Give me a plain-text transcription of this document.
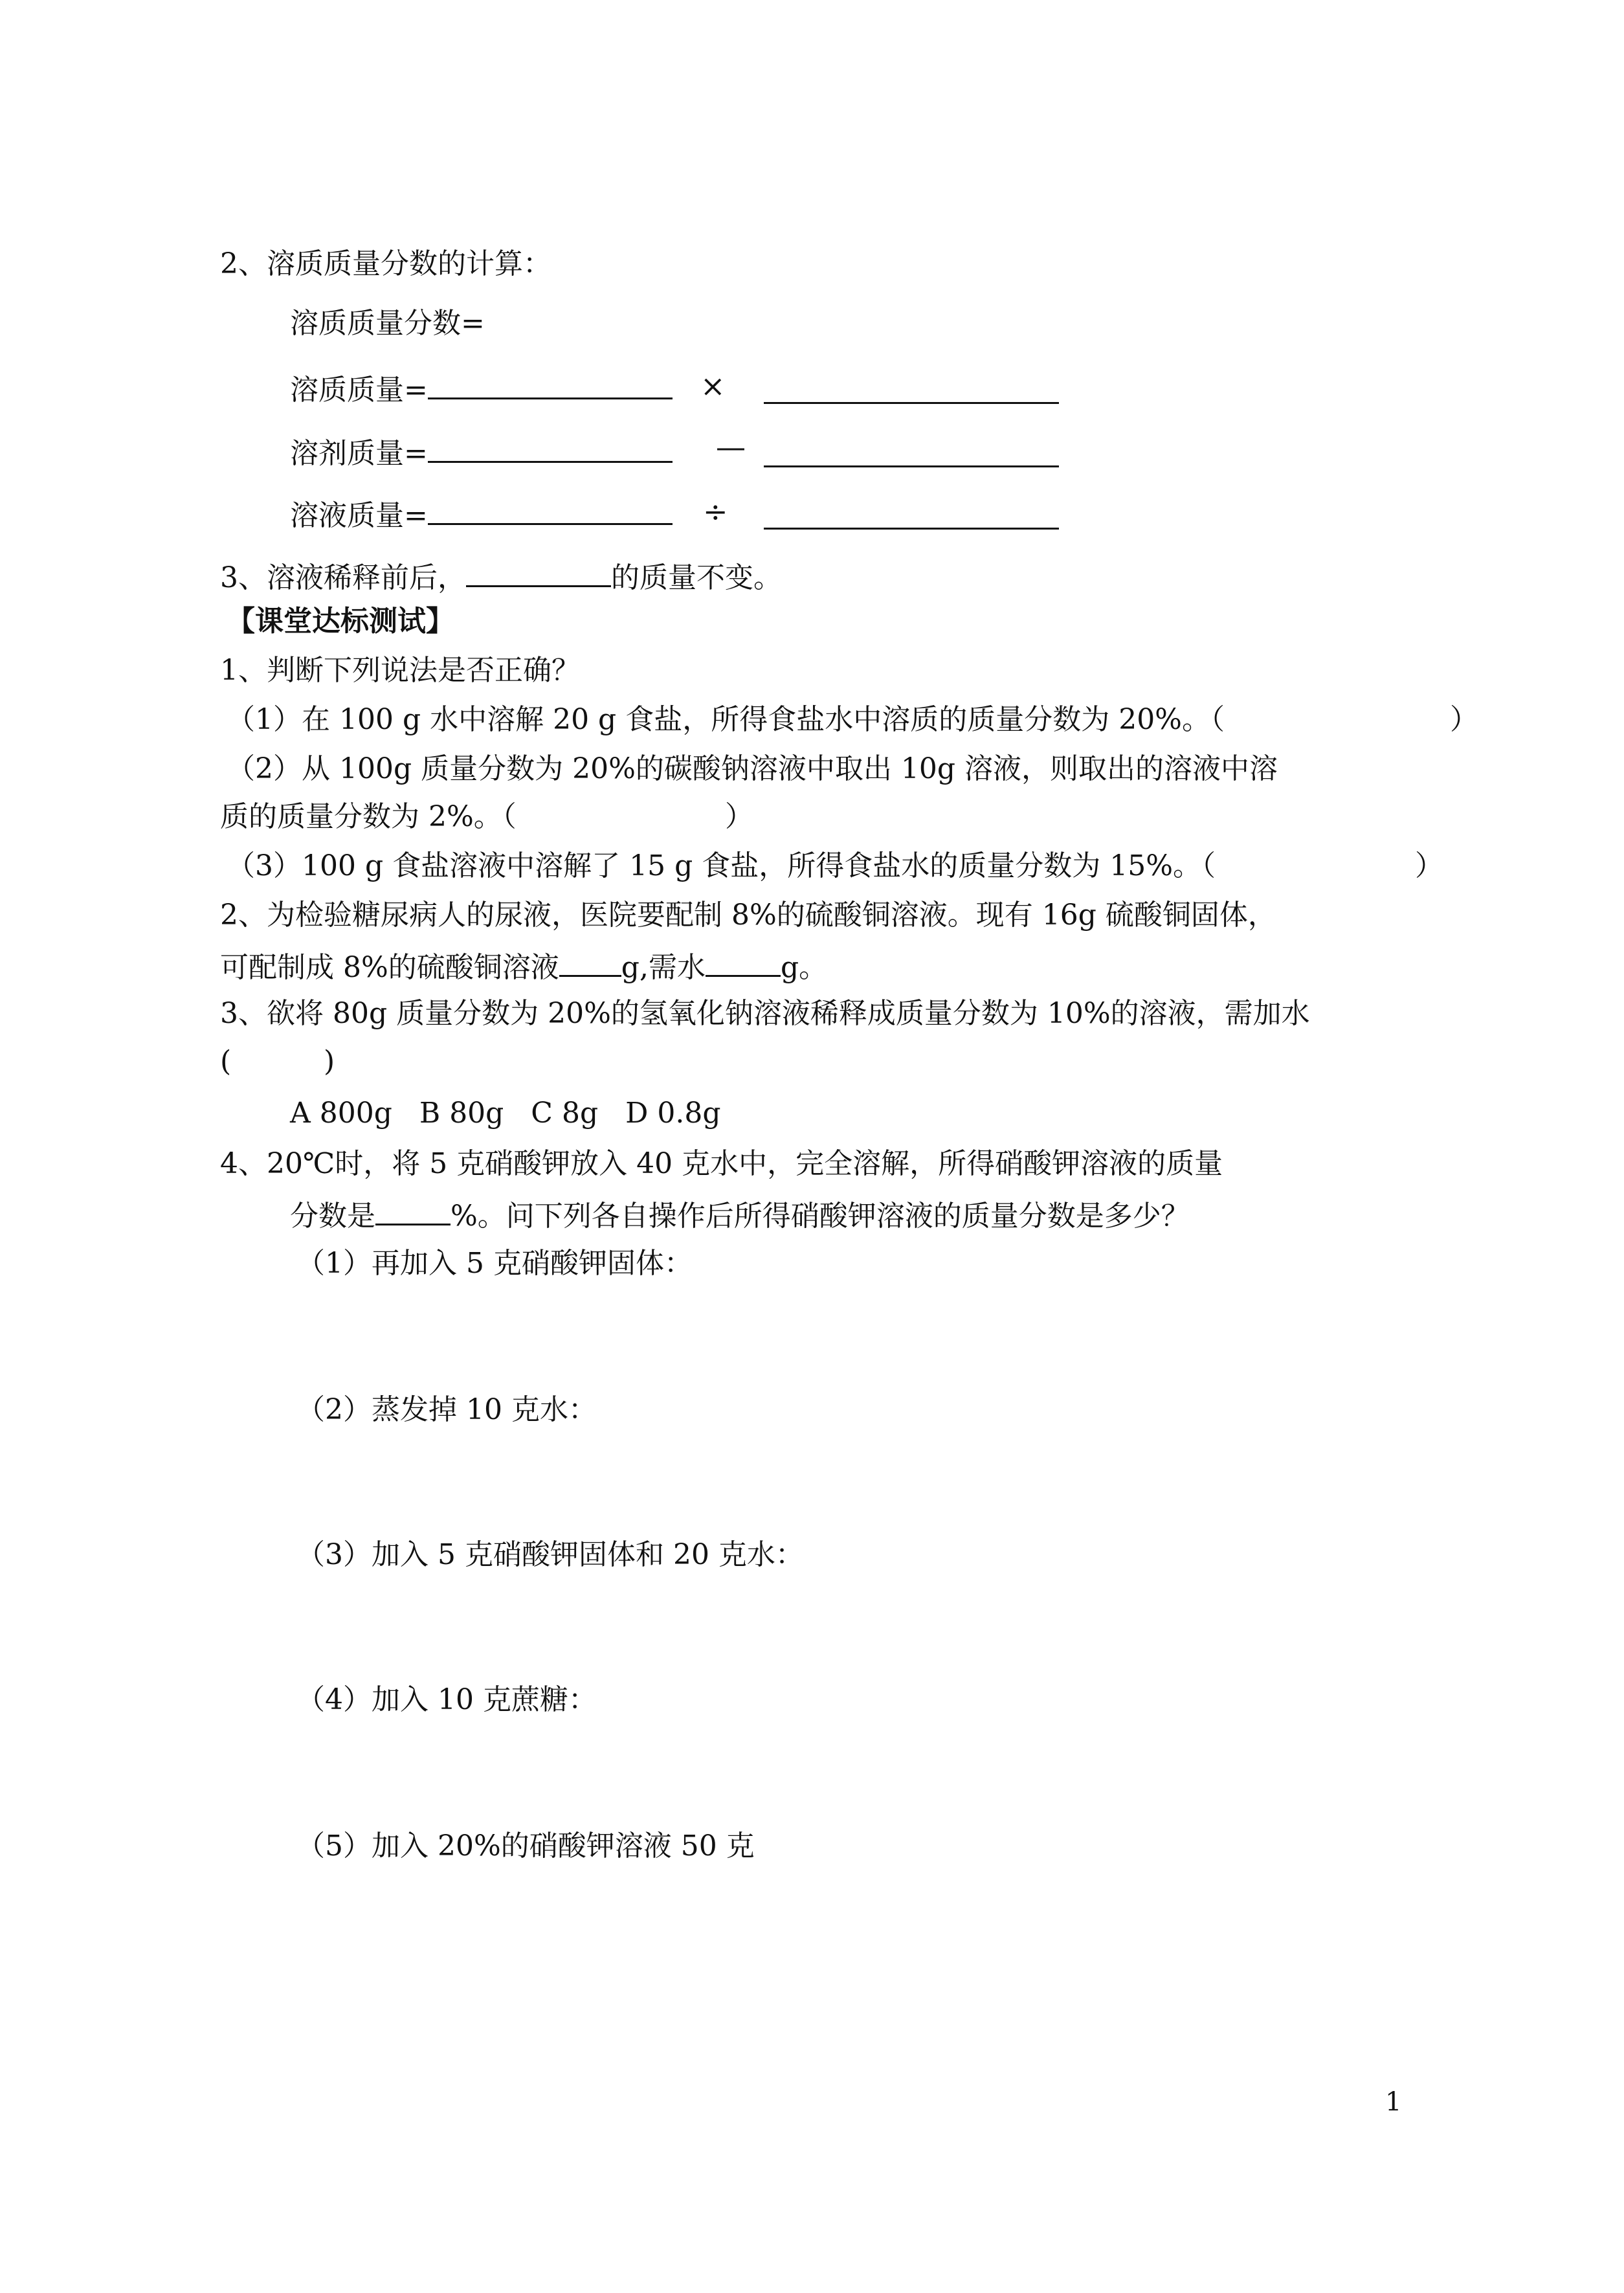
2、溶质质量分数的计算：
溶质质量分数=
溶质质量=	×
溶剂质量=	—
溶液质量=	÷
3、溶液稀释前后，	的质量不变。
【课堂达标测试】
1、判断下列说法是否正确？
（1）在 100 g 水中溶解 20 g 食盐，所得食盐水中溶质的质量分数为 20%。（	）
（2）从 100g 质量分数为 20%的碳酸钠溶液中取出 10g 溶液，则取出的溶液中溶
质的质量分数为 2%。（	）
（3）100 g 食盐溶液中溶解了 15 g 食盐，所得食盐水的质量分数为 15%。（	）
2、为检验糖尿病人的尿液，医院要配制 8%的硫酸铜溶液。现有 16g 硫酸铜固体，
可配制成 8%的硫酸铜溶液 g,需水	g。
3、欲将 80g 质量分数为 20%的氢氧化钠溶液稀释成质量分数为 10%的溶液，需加水
(	)
A 800g   B 80g   C 8g   D 0.8g
4、20℃时，将 5 克硝酸钾放入 40 克水中，完全溶解，所得硝酸钾溶液的质量
分数是	%。问下列各自操作后所得硝酸钾溶液的质量分数是多少？
（1）再加入 5 克硝酸钾固体：
（2）蒸发掉 10 克水：
（3）加入 5 克硝酸钾固体和 20 克水：
（4）加入 10 克蔗糖：
（5）加入 20%的硝酸钾溶液 50 克
1
